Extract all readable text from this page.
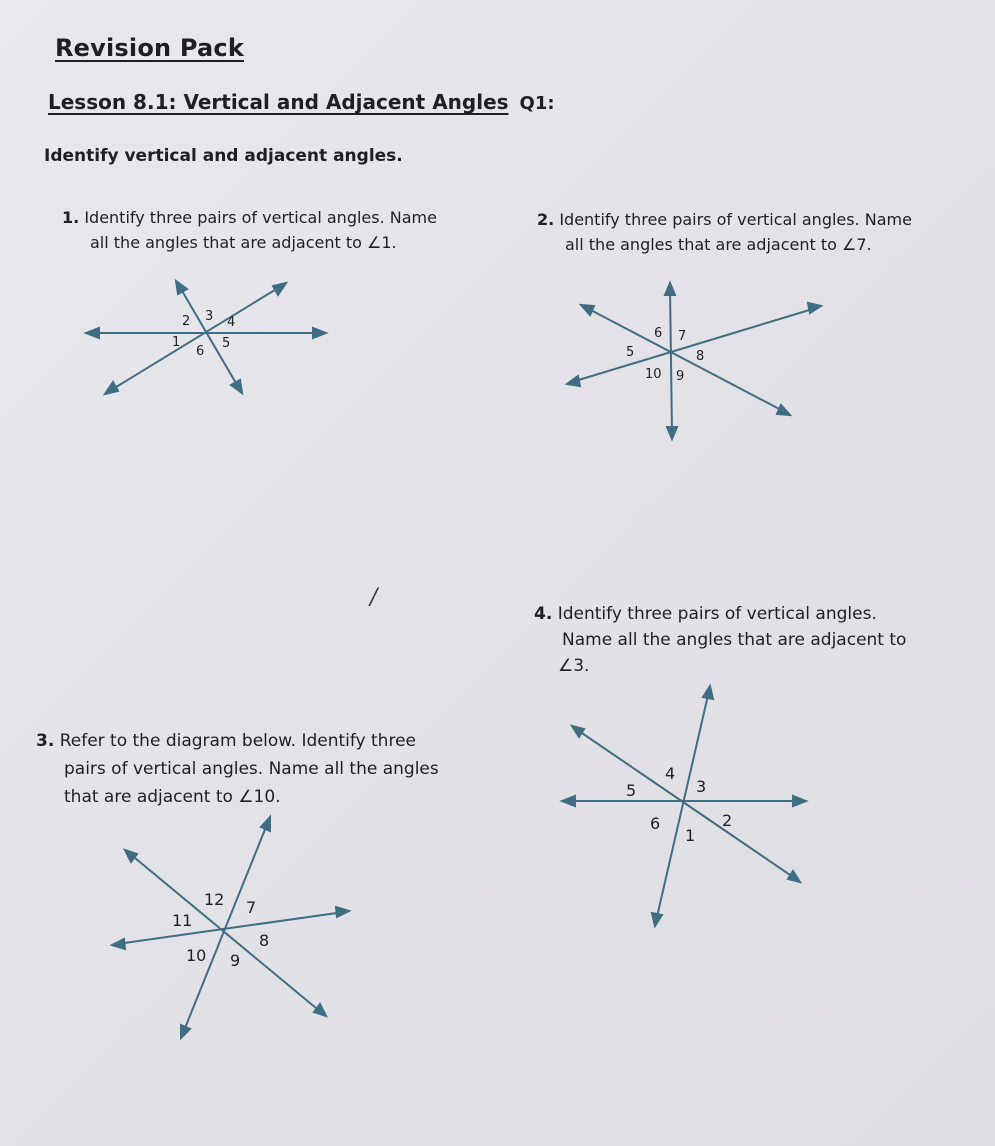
Revision Pack
Lesson 8.1: Vertical and Adjacent Angles Q1:
Identify vertical and adjacent angles.
1. Identify three pairs of vertical angles. Name
all the angles that are adjacent to ∠1.
2. Identify three pairs of vertical angles. Name
all the angles that are adjacent to ∠7.
4. Identify three pairs of vertical angles.
Name all the angles that are adjacent to
∠3.
3. Refer to the diagram below. Identify three
pairs of vertical angles. Name all the angles
that are adjacent to ∠10.
/
2 3 4
1
6
5
6 7
5	8
10 9
4
3
5
2
6
1
12 7
11
8
10 9
